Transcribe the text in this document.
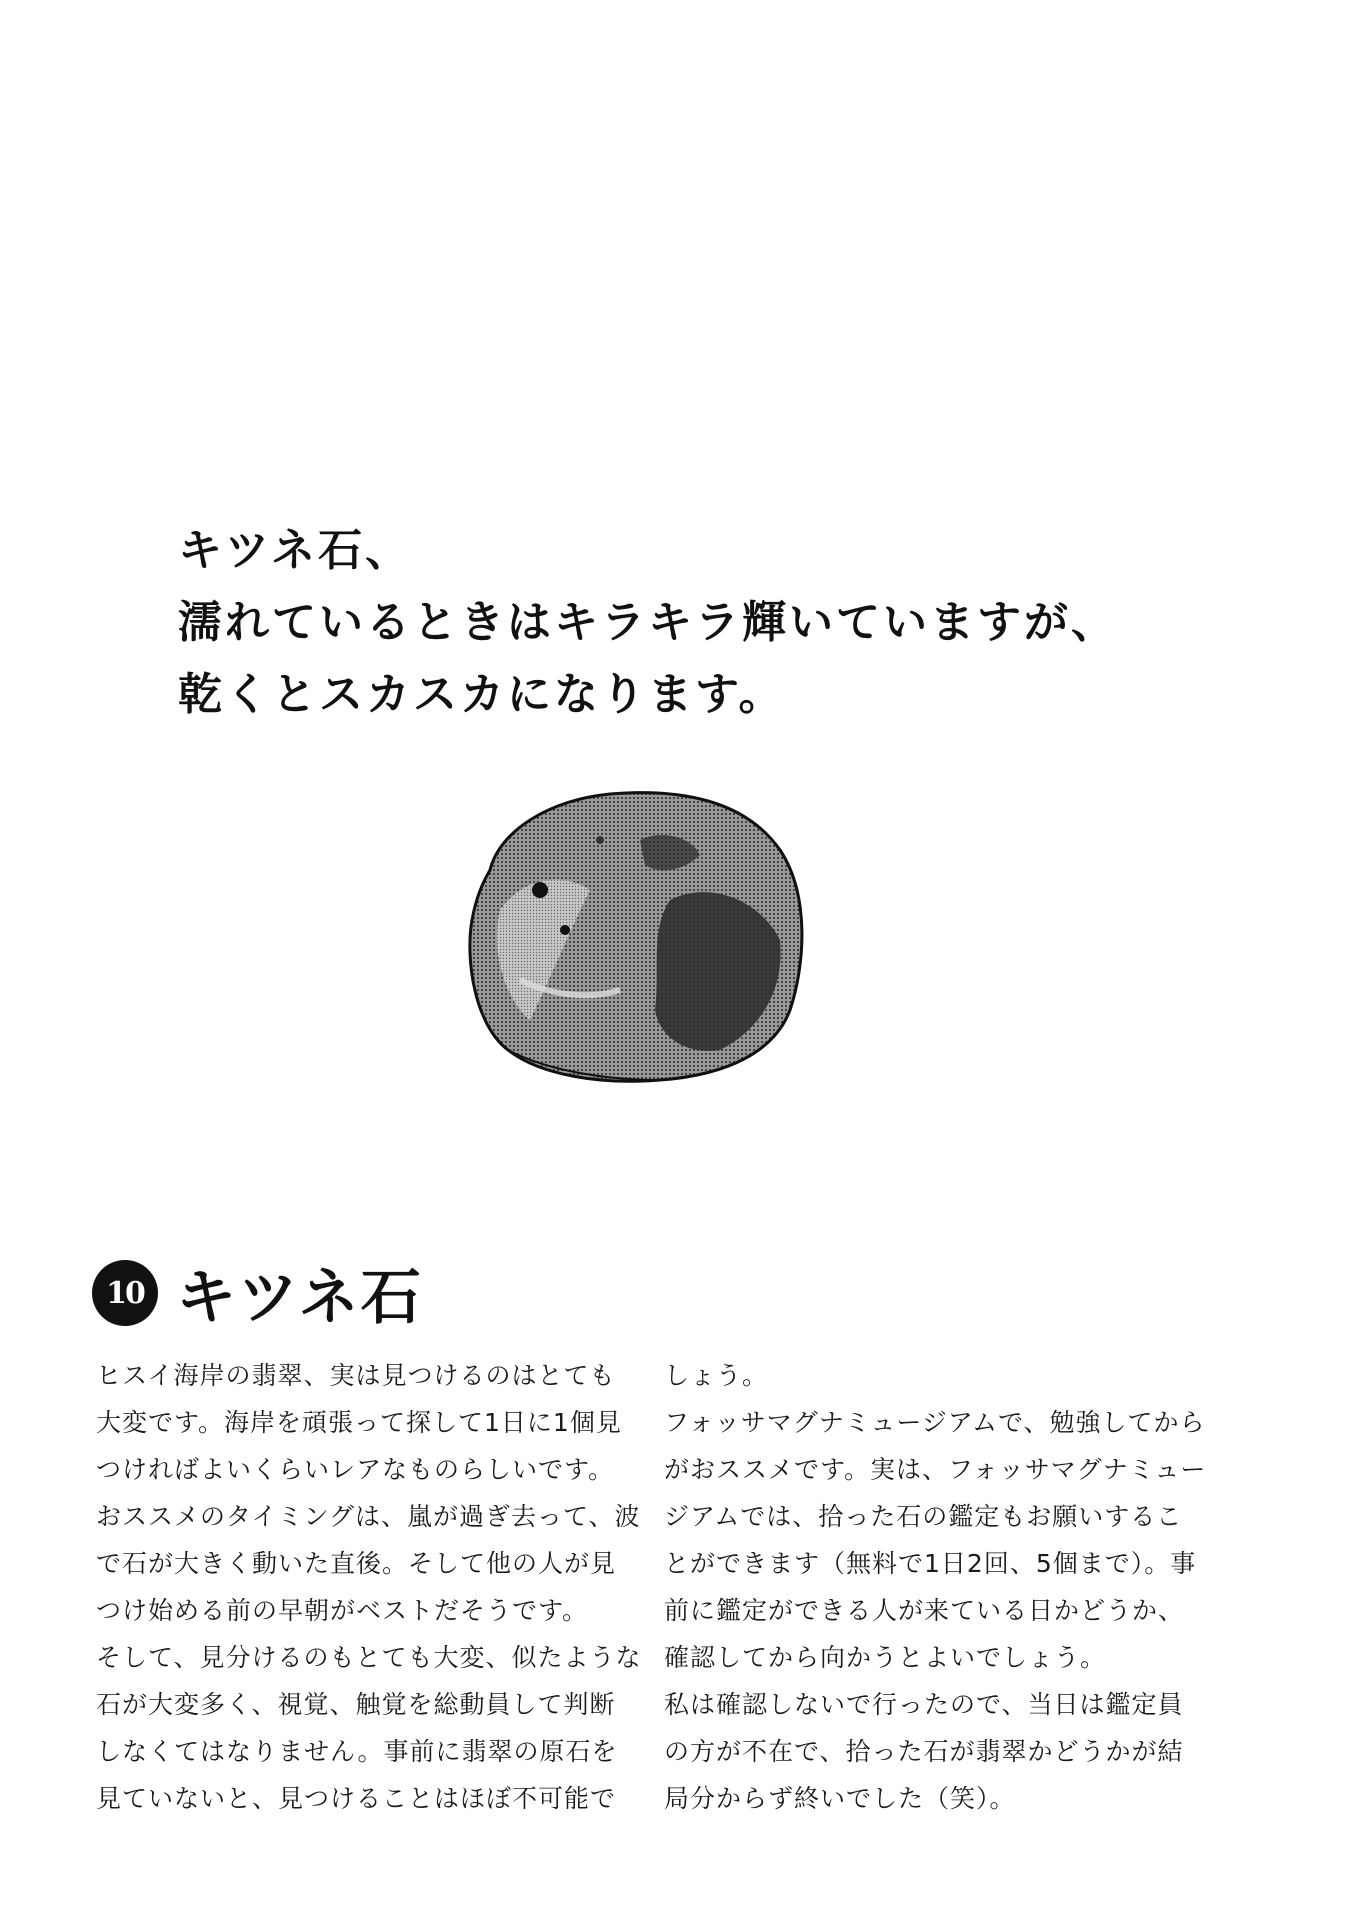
キツネ石、
濡れているときはキラキラ輝いていますが、
乾くとスカスカになります。
10 キツネ石

ヒスイ海岸の翡翠、実は見つけるのはとても

大変です。海岸を頑張って探して1日に1個見

つければよいくらいレアなものらしいです。

おススメのタイミングは、嵐が過ぎ去って、波

で石が大きく動いた直後。そして他の人が見

つけ始める前の早朝がベストだそうです。

そして、見分けるのもとても大変、似たような

石が大変多く、視覚、触覚を総動員して判断

しなくてはなりません。事前に翡翠の原石を

見ていないと、見つけることはほぼ不可能で

しょう。

フォッサマグナミュージアムで、勉強してから

がおススメです。実は、フォッサマグナミュー

ジアムでは、拾った石の鑑定もお願いするこ

とができます（無料で1日2回、5個まで）。事

前に鑑定ができる人が来ている日かどうか、

確認してから向かうとよいでしょう。

私は確認しないで行ったので、当日は鑑定員

の方が不在で、拾った石が翡翠かどうかが結

局分からず終いでした（笑）。
